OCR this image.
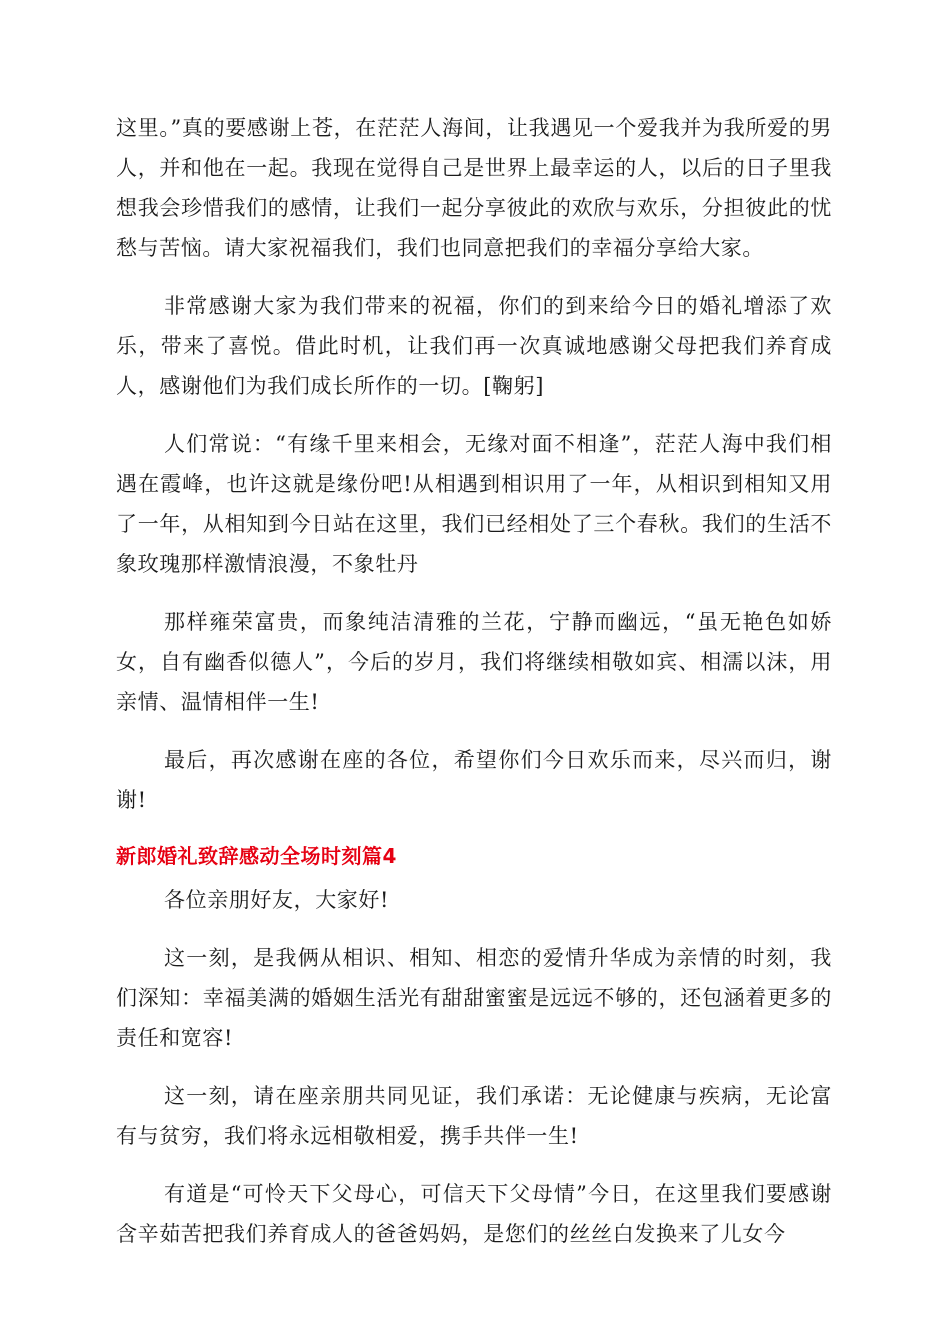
这里。”真的要感谢上苍，在茫茫人海间，让我遇见一个爱我并为我所爱的男人，并和他在一起。我现在觉得自己是世界上最幸运的人，以后的日子里我想我会珍惜我们的感情，让我们一起分享彼此的欢欣与欢乐，分担彼此的忧愁与苦恼。请大家祝福我们，我们也同意把我们的幸福分享给大家。

非常感谢大家为我们带来的祝福，你们的到来给今日的婚礼增添了欢乐，带来了喜悦。借此时机，让我们再一次真诚地感谢父母把我们养育成人，感谢他们为我们成长所作的一切。[鞠躬]

人们常说：“有缘千里来相会，无缘对面不相逢”，茫茫人海中我们相遇在霞峰，也许这就是缘份吧!从相遇到相识用了一年，从相识到相知又用了一年，从相知到今日站在这里，我们已经相处了三个春秋。我们的生活不象玫瑰那样激情浪漫，不象牡丹

那样雍荣富贵，而象纯洁清雅的兰花，宁静而幽远，“虽无艳色如娇女，自有幽香似德人”，今后的岁月，我们将继续相敬如宾、相濡以沫，用亲情、温情相伴一生!

最后，再次感谢在座的各位，希望你们今日欢乐而来，尽兴而归，谢谢!

新郎婚礼致辞感动全场时刻篇4

各位亲朋好友，大家好!

这一刻，是我俩从相识、相知、相恋的爱情升华成为亲情的时刻，我们深知：幸福美满的婚姻生活光有甜甜蜜蜜是远远不够的，还包涵着更多的责任和宽容!

这一刻，请在座亲朋共同见证，我们承诺：无论健康与疾病，无论富有与贫穷，我们将永远相敬相爱，携手共伴一生!

有道是“可怜天下父母心，可信天下父母情”今日，在这里我们要感谢含辛茹苦把我们养育成人的爸爸妈妈，是您们的丝丝白发换来了儿女今
